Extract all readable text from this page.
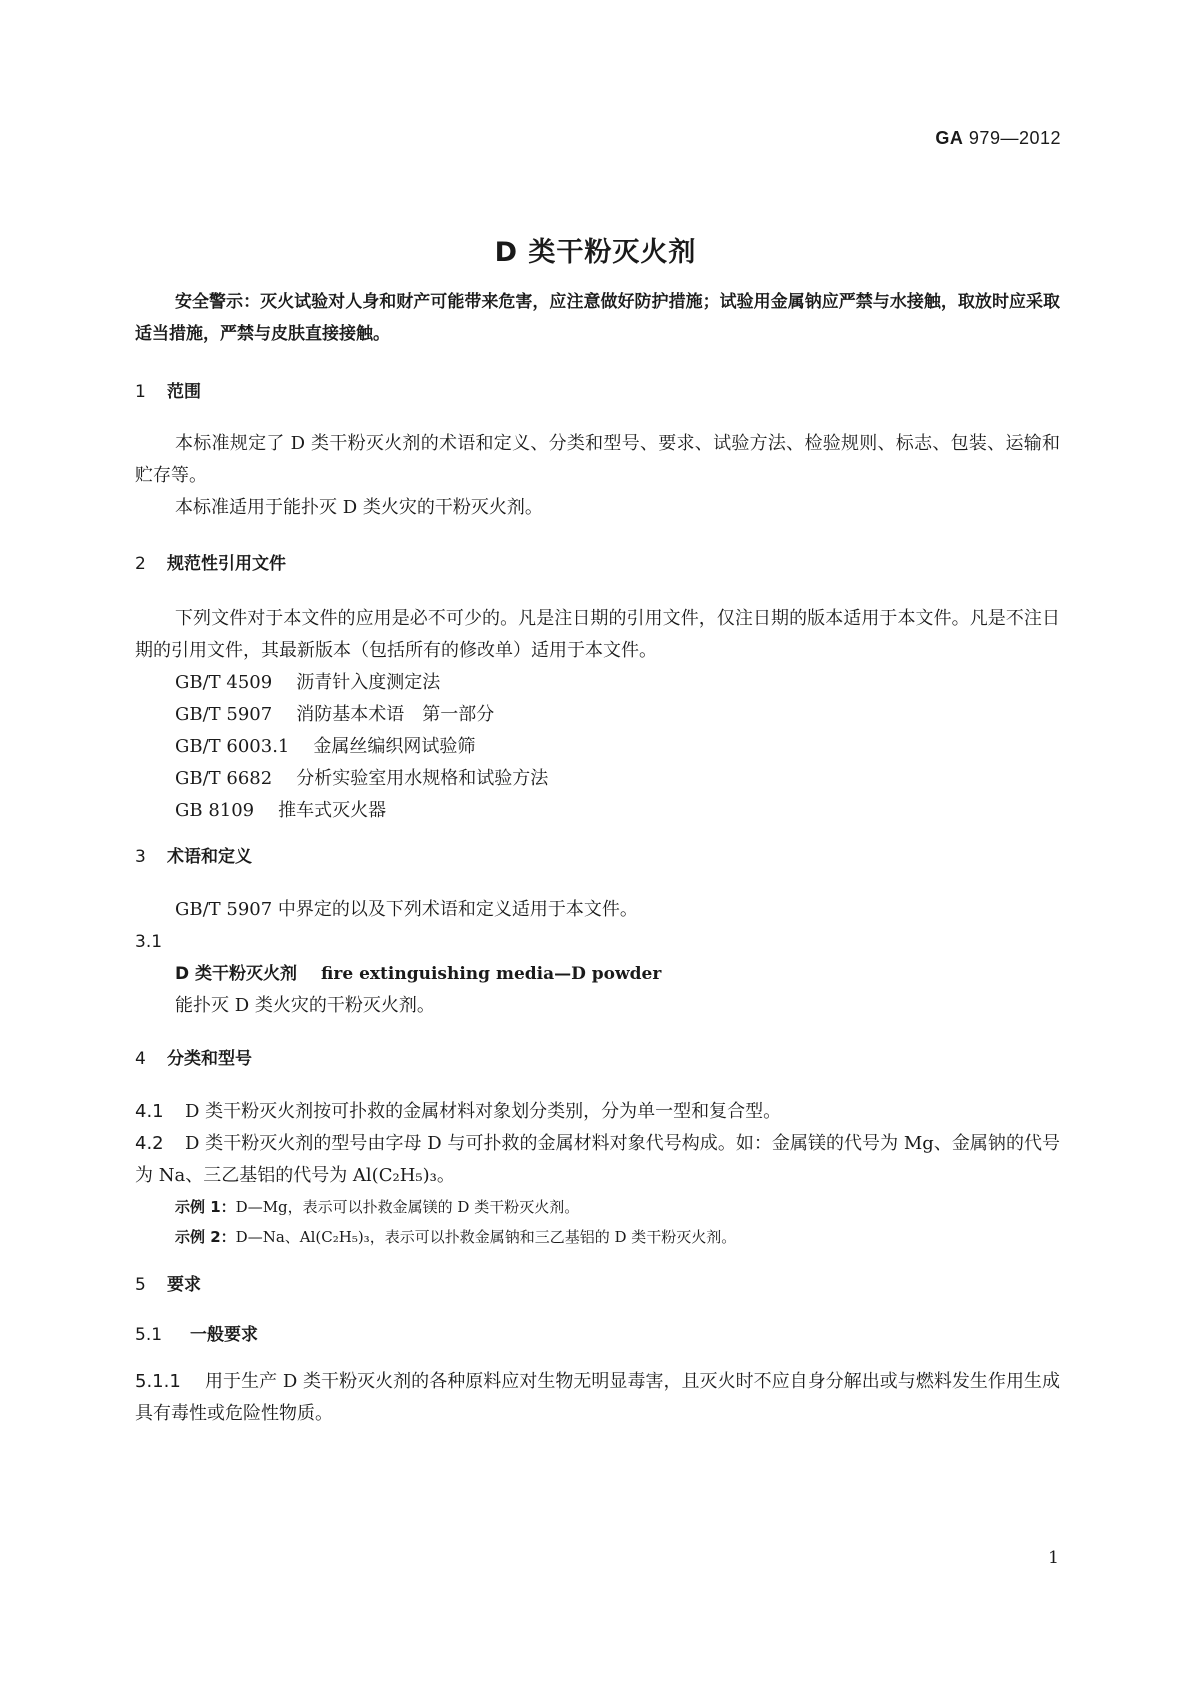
GA 979—2012
D 类干粉灭火剂

安全警示：灭火试验对人身和财产可能带来危害，应注意做好防护措施；试验用金属钠应严禁与水接触，取放时应采取适当措施，严禁与皮肤直接接触。

1 范围

本标准规定了 D 类干粉灭火剂的术语和定义、分类和型号、要求、试验方法、检验规则、标志、包装、运输和贮存等。

本标准适用于能扑灭 D 类火灾的干粉灭火剂。

2 规范性引用文件

下列文件对于本文件的应用是必不可少的。凡是注日期的引用文件，仅注日期的版本适用于本文件。凡是不注日期的引用文件，其最新版本（包括所有的修改单）适用于本文件。

GB/T 4509 沥青针入度测定法

GB/T 5907 消防基本术语　第一部分

GB/T 6003.1 金属丝编织网试验筛

GB/T 6682 分析实验室用水规格和试验方法

GB 8109 推车式灭火器

3 术语和定义

GB/T 5907 中界定的以及下列术语和定义适用于本文件。

3.1

D 类干粉灭火剂 fire extinguishing media—D powder

能扑灭 D 类火灾的干粉灭火剂。

4 分类和型号

4.1 D 类干粉灭火剂按可扑救的金属材料对象划分类别，分为单一型和复合型。

4.2 D 类干粉灭火剂的型号由字母 D 与可扑救的金属材料对象代号构成。如：金属镁的代号为 Mg、金属钠的代号为 Na、三乙基铝的代号为 Al(C₂H₅)₃。

示例 1：D—Mg，表示可以扑救金属镁的 D 类干粉灭火剂。

示例 2：D—Na、Al(C₂H₅)₃，表示可以扑救金属钠和三乙基铝的 D 类干粉灭火剂。

5 要求
5.1 一般要求

5.1.1 用于生产 D 类干粉灭火剂的各种原料应对生物无明显毒害，且灭火时不应自身分解出或与燃料发生作用生成具有毒性或危险性物质。

1
